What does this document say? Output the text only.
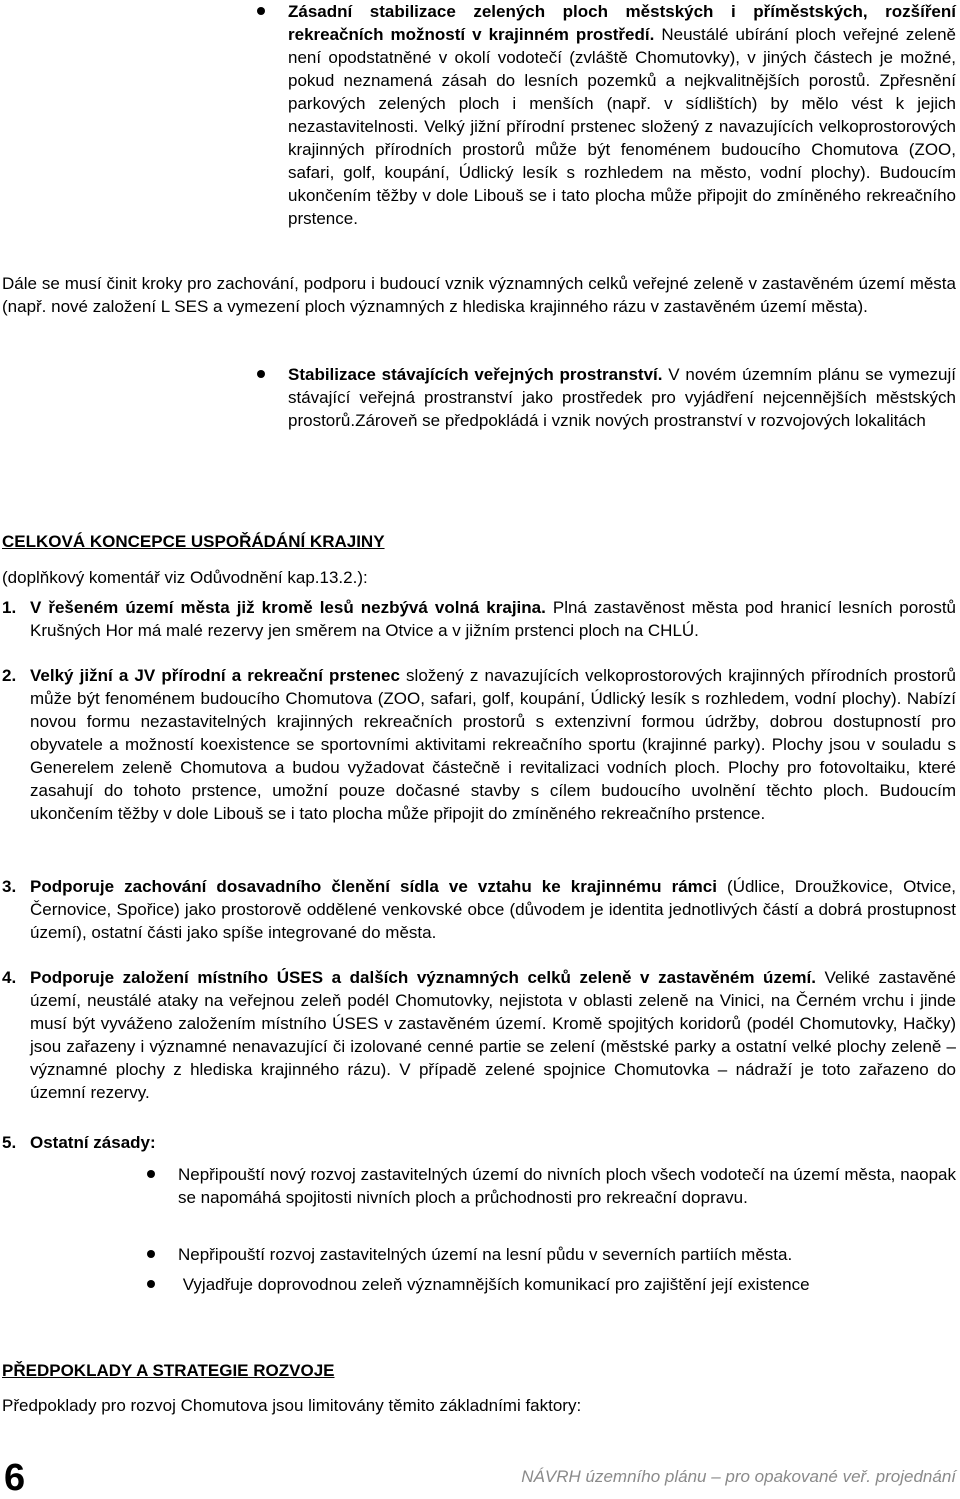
Zásadní stabilizace zelených ploch městských i příměstských, rozšíření rekreačních možností v krajinném prostředí. Neustálé ubírání ploch veřejné zeleně není opodstatněné v okolí vodotečí (zvláště Chomutovky), v jiných částech je možné, pokud neznamená zásah do lesních pozemků a nejkvalitnějších porostů. Zpřesnění parkových zelených ploch i menších (např. v sídlištích) by mělo vést k jejich nezastavitelnosti. Velký jižní přírodní prstenec složený z navazujících velkoprostorových krajinných přírodních prostorů může být fenoménem budoucího Chomutova (ZOO, safari, golf, koupání, Údlický lesík s rozhledem na město, vodní plochy). Budoucím ukončením těžby v dole Libouš se i tato plocha může připojit do zmíněného rekreačního prstence.

Dále se musí činit kroky pro zachování, podporu i budoucí vznik významných celků veřejné zeleně v zastavěném území města (např. nové založení L SES a vymezení ploch významných z hlediska krajinného rázu v zastavěném území města).

Stabilizace stávajících veřejných prostranství. V novém územním plánu se vymezují stávající veřejná prostranství jako prostředek pro vyjádření nejcennějších městských prostorů.Zároveň se předpokládá i vznik nových prostranství v rozvojových lokalitách

CELKOVÁ KONCEPCE USPOŘÁDÁNÍ KRAJINY
(doplňkový komentář viz Odůvodnění kap.13.2.):
1. V řešeném území města již kromě lesů nezbývá volná krajina. Plná zastavěnost města pod hranicí lesních porostů Krušných Hor má malé rezervy jen směrem na Otvice a v jižním prstenci ploch na CHLÚ.

2. Velký jižní a JV přírodní a rekreační prstenec složený z navazujících velkoprostorových krajinných přírodních prostorů může být fenoménem budoucího Chomutova (ZOO, safari, golf, koupání, Údlický lesík s rozhledem, vodní plochy). Nabízí novou formu nezastavitelných krajinných rekreačních prostorů s extenzivní formou údržby, dobrou dostupností pro obyvatele a možností koexistence se sportovními aktivitami rekreačního sportu (krajinné parky). Plochy jsou v souladu s Generelem zeleně Chomutova a budou vyžadovat částečně i revitalizaci vodních ploch. Plochy pro fotovoltaiku, které zasahují do tohoto prstence, umožní pouze dočasné stavby s cílem budoucího uvolnění těchto ploch. Budoucím ukončením těžby v dole Libouš se i tato plocha může připojit do zmíněného rekreačního prstence.

3. Podporuje zachování dosavadního členění sídla ve vztahu ke krajinnému rámci (Údlice, Droužkovice, Otvice, Černovice, Spořice) jako prostorově oddělené venkovské obce (důvodem je identita jednotlivých částí a dobrá prostupnost území), ostatní části jako spíše integrované do města.

4. Podporuje založení místního ÚSES a dalších významných celků zeleně v zastavěném území. Veliké zastavěné území, neustálé ataky na veřejnou zeleň podél Chomutovky, nejistota v oblasti zeleně na Vinici, na Černém vrchu i jinde musí být vyváženo založením místního ÚSES v zastavěném území. Kromě spojitých koridorů (podél Chomutovky, Hačky) jsou zařazeny i významné nenavazující či izolované cenné partie se zelení (městské parky a ostatní velké plochy zeleně – významné plochy z hlediska krajinného rázu). V případě zelené spojnice Chomutovka – nádraží je toto zařazeno do územní rezervy.

5. Ostatní zásady:

Nepřipouští nový rozvoj zastavitelných území do nivních ploch všech vodotečí na území města, naopak se napomáhá spojitosti nivních ploch a průchodnosti pro rekreační dopravu.

Nepřipouští rozvoj zastavitelných území na lesní půdu v severních partiích města.

Vyjadřuje doprovodnou zeleň významnějších komunikací pro zajištění její existence

PŘEDPOKLADY A STRATEGIE ROZVOJE

Předpoklady pro rozvoj Chomutova jsou limitovány těmito základními faktory:

6	NÁVRH územního plánu – pro opakované veř. projednání
